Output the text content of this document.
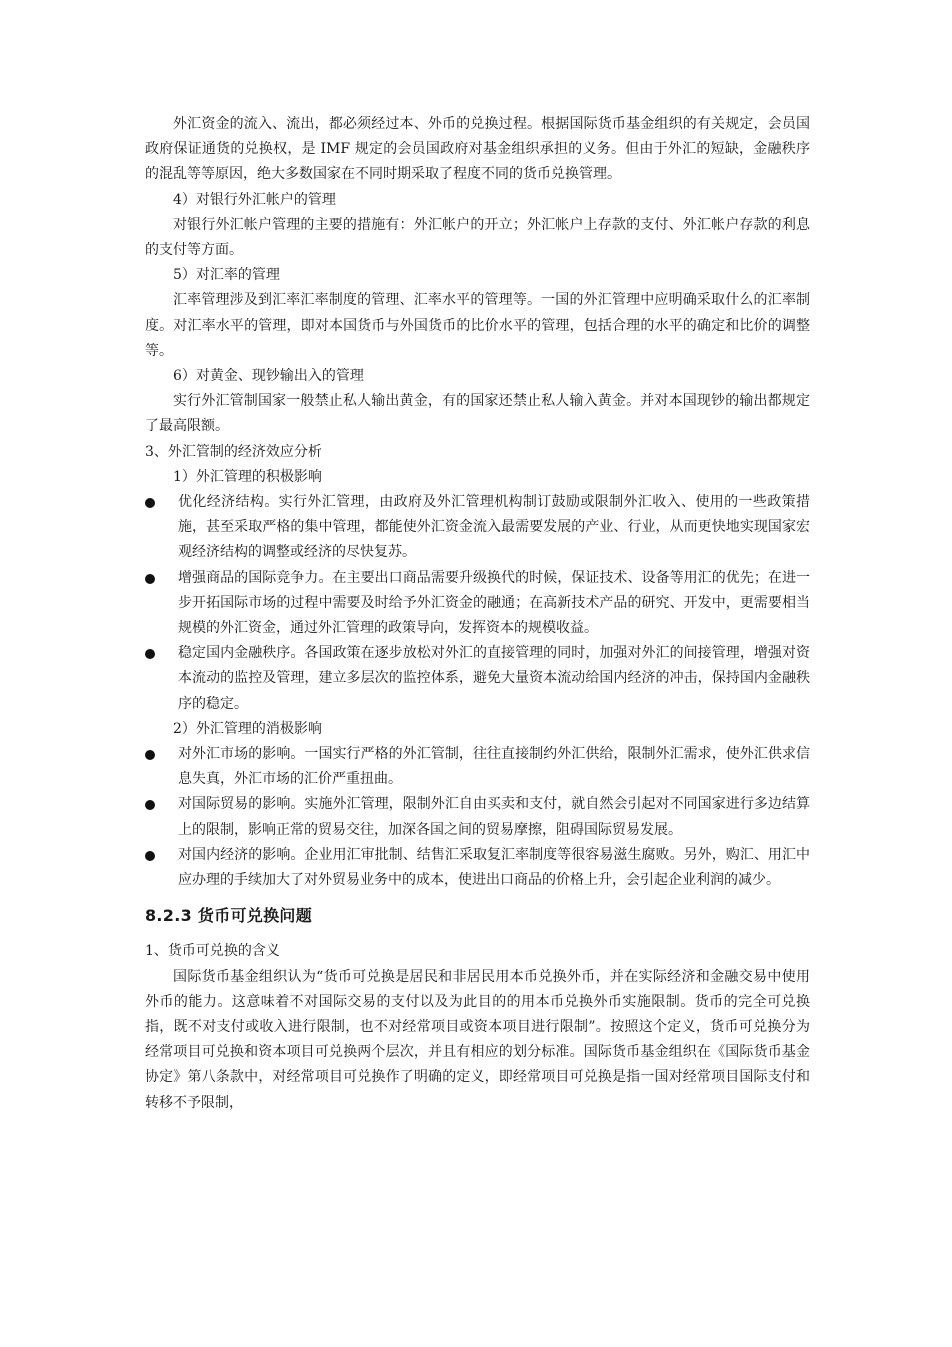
外汇资金的流入、流出，都必须经过本、外币的兑换过程。根据国际货币基金组织的有关规定，会员国政府保证通货的兑换权，是 IMF 规定的会员国政府对基金组织承担的义务。但由于外汇的短缺，金融秩序的混乱等等原因，绝大多数国家在不同时期采取了程度不同的货币兑换管理。

4）对银行外汇帐户的管理

对银行外汇帐户管理的主要的措施有：外汇帐户的开立；外汇帐户上存款的支付、外汇帐户存款的利息的支付等方面。

5）对汇率的管理

汇率管理涉及到汇率汇率制度的管理、汇率水平的管理等。一国的外汇管理中应明确采取什么的汇率制度。对汇率水平的管理，即对本国货币与外国货币的比价水平的管理，包括合理的水平的确定和比价的调整等。

6）对黄金、现钞输出入的管理

实行外汇管制国家一般禁止私人输出黄金，有的国家还禁止私人输入黄金。并对本国现钞的输出都规定了最高限额。

3、外汇管制的经济效应分析

1）外汇管理的积极影响

优化经济结构。实行外汇管理，由政府及外汇管理机构制订鼓励或限制外汇收入、使用的一些政策措施，甚至采取严格的集中管理，都能使外汇资金流入最需要发展的产业、行业，从而更快地实现国家宏观经济结构的调整或经济的尽快复苏。
增强商品的国际竞争力。在主要出口商品需要升级换代的时候，保证技术、设备等用汇的优先；在进一步开拓国际市场的过程中需要及时给予外汇资金的融通；在高新技术产品的研究、开发中，更需要相当规模的外汇资金，通过外汇管理的政策导向，发挥资本的规模收益。
稳定国内金融秩序。各国政策在逐步放松对外汇的直接管理的同时，加强对外汇的间接管理，增强对资本流动的监控及管理，建立多层次的监控体系，避免大量资本流动给国内经济的冲击，保持国内金融秩序的稳定。

2）外汇管理的消极影响

对外汇市场的影响。一国实行严格的外汇管制，往往直接制约外汇供给，限制外汇需求，使外汇供求信息失真，外汇市场的汇价严重扭曲。
对国际贸易的影响。实施外汇管理，限制外汇自由买卖和支付，就自然会引起对不同国家进行多边结算上的限制，影响正常的贸易交往，加深各国之间的贸易摩擦，阻碍国际贸易发展。
对国内经济的影响。企业用汇审批制、结售汇采取复汇率制度等很容易滋生腐败。另外，购汇、用汇中应办理的手续加大了对外贸易业务中的成本，使进出口商品的价格上升，会引起企业利润的减少。
8.2.3 货币可兑换问题

1、货币可兑换的含义

国际货币基金组织认为“货币可兑换是居民和非居民用本币兑换外币，并在实际经济和金融交易中使用外币的能力。这意味着不对国际交易的支付以及为此目的的用本币兑换外币实施限制。货币的完全可兑换指，既不对支付或收入进行限制，也不对经常项目或资本项目进行限制”。按照这个定义，货币可兑换分为经常项目可兑换和资本项目可兑换两个层次，并且有相应的划分标准。国际货币基金组织在《国际货币基金协定》第八条款中，对经常项目可兑换作了明确的定义，即经常项目可兑换是指一国对经常项目国际支付和转移不予限制，
